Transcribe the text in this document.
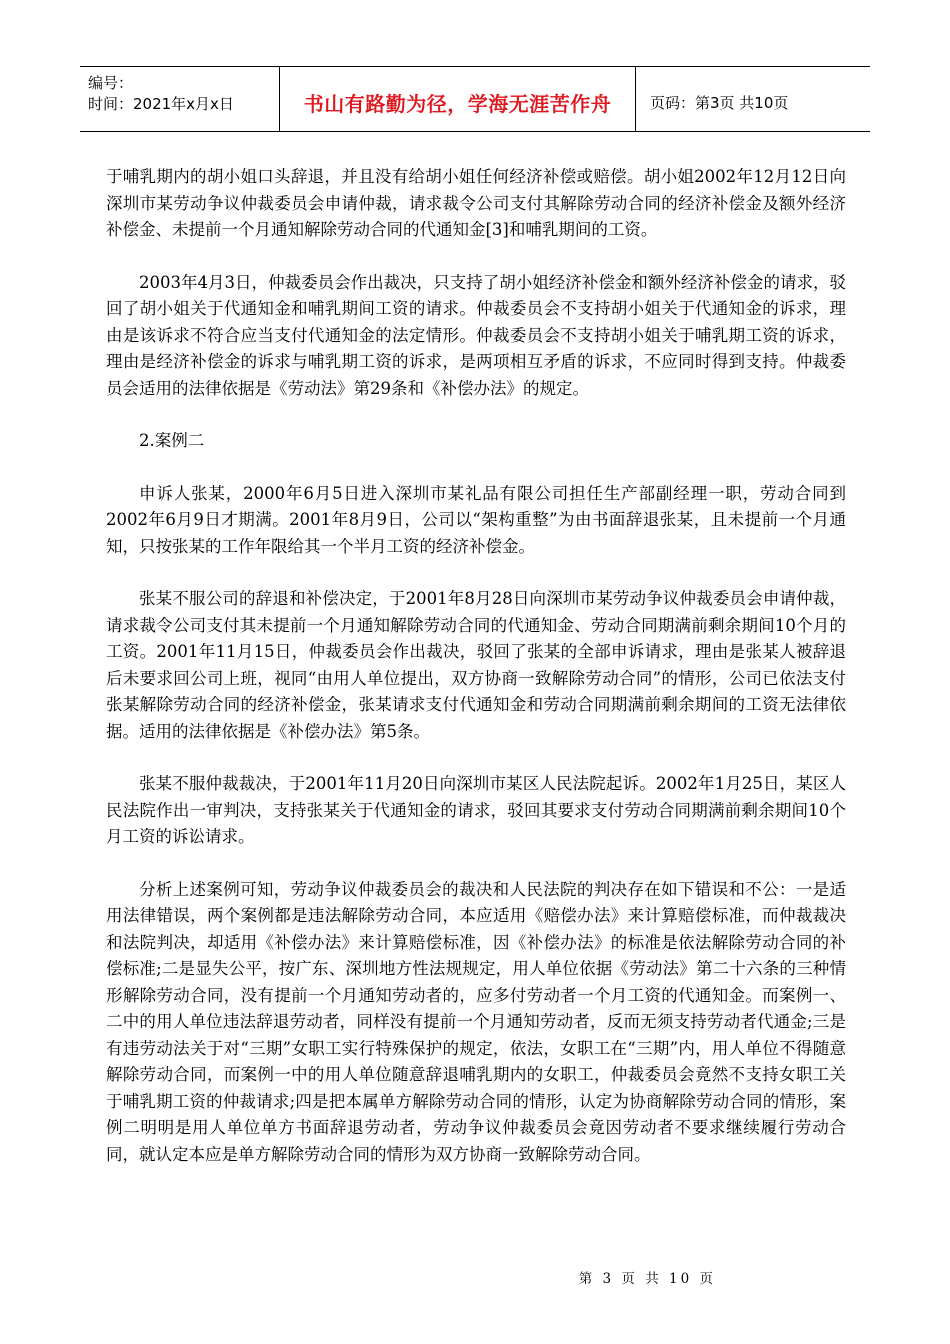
编号：
时间：2021年x月x日	书山有路勤为径，学海无涯苦作舟	页码：第3页 共10页

于哺乳期内的胡小姐口头辞退，并且没有给胡小姐任何经济补偿或赔偿。胡小姐2002年12月12日向深圳市某劳动争议仲裁委员会申请仲裁，请求裁令公司支付其解除劳动合同的经济补偿金及额外经济补偿金、未提前一个月通知解除劳动合同的代通知金[3]和哺乳期间的工资。

2003年4月3日，仲裁委员会作出裁决，只支持了胡小姐经济补偿金和额外经济补偿金的请求，驳回了胡小姐关于代通知金和哺乳期间工资的请求。仲裁委员会不支持胡小姐关于代通知金的诉求，理由是该诉求不符合应当支付代通知金的法定情形。仲裁委员会不支持胡小姐关于哺乳期工资的诉求，理由是经济补偿金的诉求与哺乳期工资的诉求，是两项相互矛盾的诉求，不应同时得到支持。仲裁委员会适用的法律依据是《劳动法》第29条和《补偿办法》的规定。

2.案例二

申诉人张某，2000年6月5日进入深圳市某礼品有限公司担任生产部副经理一职，劳动合同到2002年6月9日才期满。2001年8月9日，公司以“架构重整”为由书面辞退张某，且未提前一个月通知，只按张某的工作年限给其一个半月工资的经济补偿金。

张某不服公司的辞退和补偿决定，于2001年8月28日向深圳市某劳动争议仲裁委员会申请仲裁，请求裁令公司支付其未提前一个月通知解除劳动合同的代通知金、劳动合同期满前剩余期间10个月的工资。2001年11月15日，仲裁委员会作出裁决，驳回了张某的全部申诉请求，理由是张某人被辞退后未要求回公司上班，视同“由用人单位提出，双方协商一致解除劳动合同”的情形，公司已依法支付张某解除劳动合同的经济补偿金，张某请求支付代通知金和劳动合同期满前剩余期间的工资无法律依据。适用的法律依据是《补偿办法》第5条。

张某不服仲裁裁决，于2001年11月20日向深圳市某区人民法院起诉。2002年1月25日，某区人民法院作出一审判决，支持张某关于代通知金的请求，驳回其要求支付劳动合同期满前剩余期间10个月工资的诉讼请求。

分析上述案例可知，劳动争议仲裁委员会的裁决和人民法院的判决存在如下错误和不公：一是适用法律错误，两个案例都是违法解除劳动合同，本应适用《赔偿办法》来计算赔偿标准，而仲裁裁决和法院判决，却适用《补偿办法》来计算赔偿标准，因《补偿办法》的标准是依法解除劳动合同的补偿标准;二是显失公平，按广东、深圳地方性法规规定，用人单位依据《劳动法》第二十六条的三种情形解除劳动合同，没有提前一个月通知劳动者的，应多付劳动者一个月工资的代通知金。而案例一、二中的用人单位违法辞退劳动者，同样没有提前一个月通知劳动者，反而无须支持劳动者代通金;三是有违劳动法关于对“三期”女职工实行特殊保护的规定，依法，女职工在“三期”内，用人单位不得随意解除劳动合同，而案例一中的用人单位随意辞退哺乳期内的女职工，仲裁委员会竟然不支持女职工关于哺乳期工资的仲裁请求;四是把本属单方解除劳动合同的情形，认定为协商解除劳动合同的情形，案例二明明是用人单位单方书面辞退劳动者，劳动争议仲裁委员会竟因劳动者不要求继续履行劳动合同，就认定本应是单方解除劳动合同的情形为双方协商一致解除劳动合同。

第 3 页 共 10 页
